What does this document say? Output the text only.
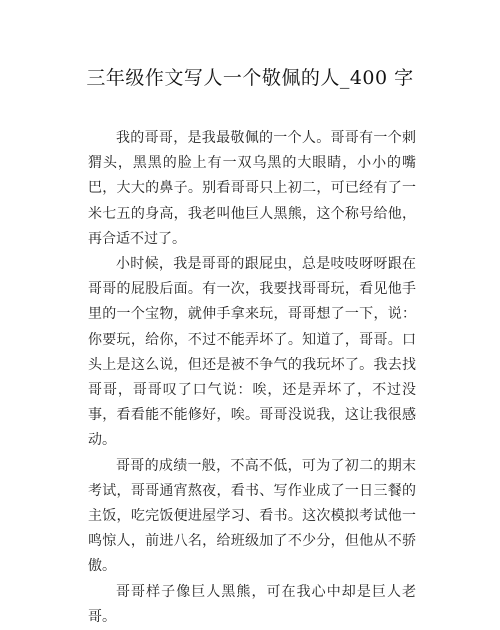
三年级作文写人一个敬佩的人_400 字

我的哥哥，是我最敬佩的一个人。哥哥有一个刺猬头，黑黑的脸上有一双乌黑的大眼睛，小小的嘴巴，大大的鼻子。别看哥哥只上初二，可已经有了一米七五的身高，我老叫他巨人黑熊，这个称号给他，再合适不过了。

小时候，我是哥哥的跟屁虫，总是吱吱呀呀跟在哥哥的屁股后面。有一次，我要找哥哥玩，看见他手里的一个宝物，就伸手拿来玩，哥哥想了一下，说：你要玩，给你，不过不能弄坏了。知道了，哥哥。口头上是这么说，但还是被不争气的我玩坏了。我去找哥哥，哥哥叹了口气说：唉，还是弄坏了，不过没事，看看能不能修好，唉。哥哥没说我，这让我很感动。

哥哥的成绩一般，不高不低，可为了初二的期末考试，哥哥通宵熬夜，看书、写作业成了一日三餐的主饭，吃完饭便进屋学习、看书。这次模拟考试他一鸣惊人，前进八名，给班级加了不少分，但他从不骄傲。

哥哥样子像巨人黑熊，可在我心中却是巨人老哥。
